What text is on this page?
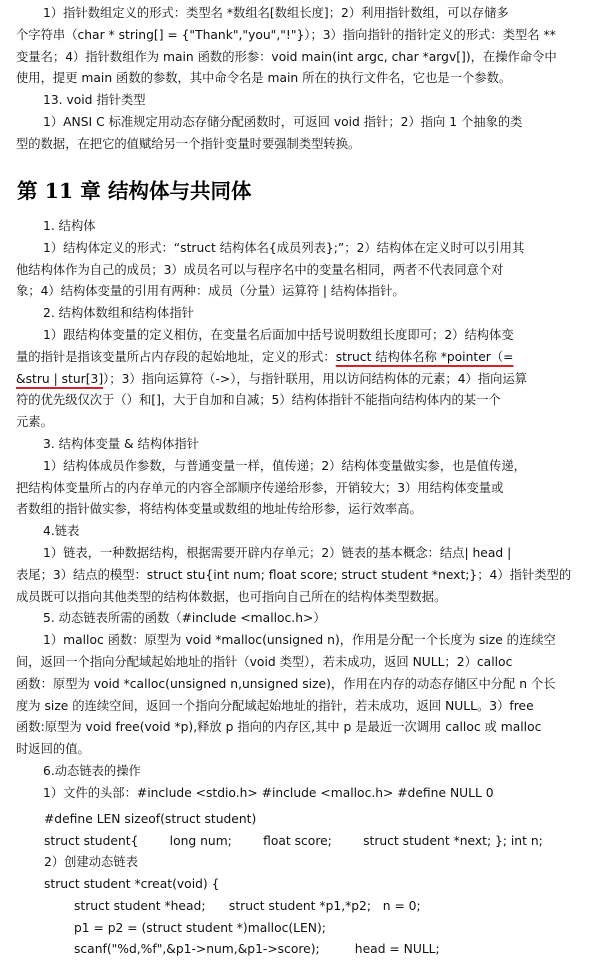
1）指针数组定义的形式：类型名 *数组名[数组长度]；2）利用指针数组，可以存储多
个字符串（char * string[] = {"Thank","you","!"}）；3）指向指针的指针定义的形式：类型名 **
变量名；4）指针数组作为 main 函数的形参：void main(int argc, char *argv[])，在操作命令中
使用，提更 main 函数的参数，其中命令名是 main 所在的执行文件名，它也是一个参数。
13. void 指针类型
1）ANSI C 标准规定用动态存储分配函数时，可返回 void 指针；2）指向 1 个抽象的类
型的数据，在把它的值赋给另一个指针变量时要强制类型转换。
第 11 章 结构体与共同体
1. 结构体
1）结构体定义的形式：“struct 结构体名{成员列表};”；2）结构体在定义时可以引用其
他结构体作为自己的成员；3）成员名可以与程序名中的变量名相同，两者不代表同意个对
象；4）结构体变量的引用有两种：成员（分量）运算符 | 结构体指针。
2. 结构体数组和结构体指针
1）跟结构体变量的定义相仿，在变量名后面加中括号说明数组长度即可；2）结构体变
量的指针是指该变量所占内存段的起始地址，定义的形式：struct 结构体名称 *pointer（=
&stru | stur[3]）；3）指向运算符（->），与指针联用，用以访问结构体的元素；4）指向运算
符的优先级仅次于（）和[]，大于自加和自减；5）结构体指针不能指向结构体内的某一个
元素。
3. 结构体变量 & 结构体指针
1）结构体成员作参数，与普通变量一样，值传递；2）结构体变量做实参，也是值传递，
把结构体变量所占的内存单元的内容全部顺序传递给形参，开销较大；3）用结构体变量或
者数组的指针做实参，将结构体变量或数组的地址传给形参，运行效率高。
4.链表
1）链表，一种数据结构，根据需要开辟内存单元；2）链表的基本概念：结点| head |
表尾；3）结点的模型：struct stu{int num; float score; struct student *next;}；4）指针类型的
成员既可以指向其他类型的结构体数据，也可指向自己所在的结构体类型数据。
5. 动态链表所需的函数（#include <malloc.h>）
1）malloc 函数：原型为 void *malloc(unsigned n)，作用是分配一个长度为 size 的连续空
间，返回一个指向分配域起始地址的指针（void 类型），若未成功，返回 NULL；2）calloc
函数：原型为 void *calloc(unsigned n,unsigned size)，作用在内存的动态存储区中分配 n 个长
度为 size 的连续空间，返回一个指向分配域起始地址的指针，若未成功，返回 NULL。3）free
函数:原型为 void free(void *p),释放 p 指向的内存区,其中 p 是最近一次调用 calloc 或 malloc
时返回的值。
6.动态链表的操作
1）文件的头部：#include <stdio.h> #include <malloc.h> #define NULL 0
#define LEN sizeof(struct student)
struct student{        long num;        float score;        struct student *next; }; int n;
2）创建动态链表
struct student *creat(void) {
struct student *head;      struct student *p1,*p2;   n = 0;
p1 = p2 = (struct student *)malloc(LEN);
scanf("%d,%f",&p1->num,&p1->score);         head = NULL;
